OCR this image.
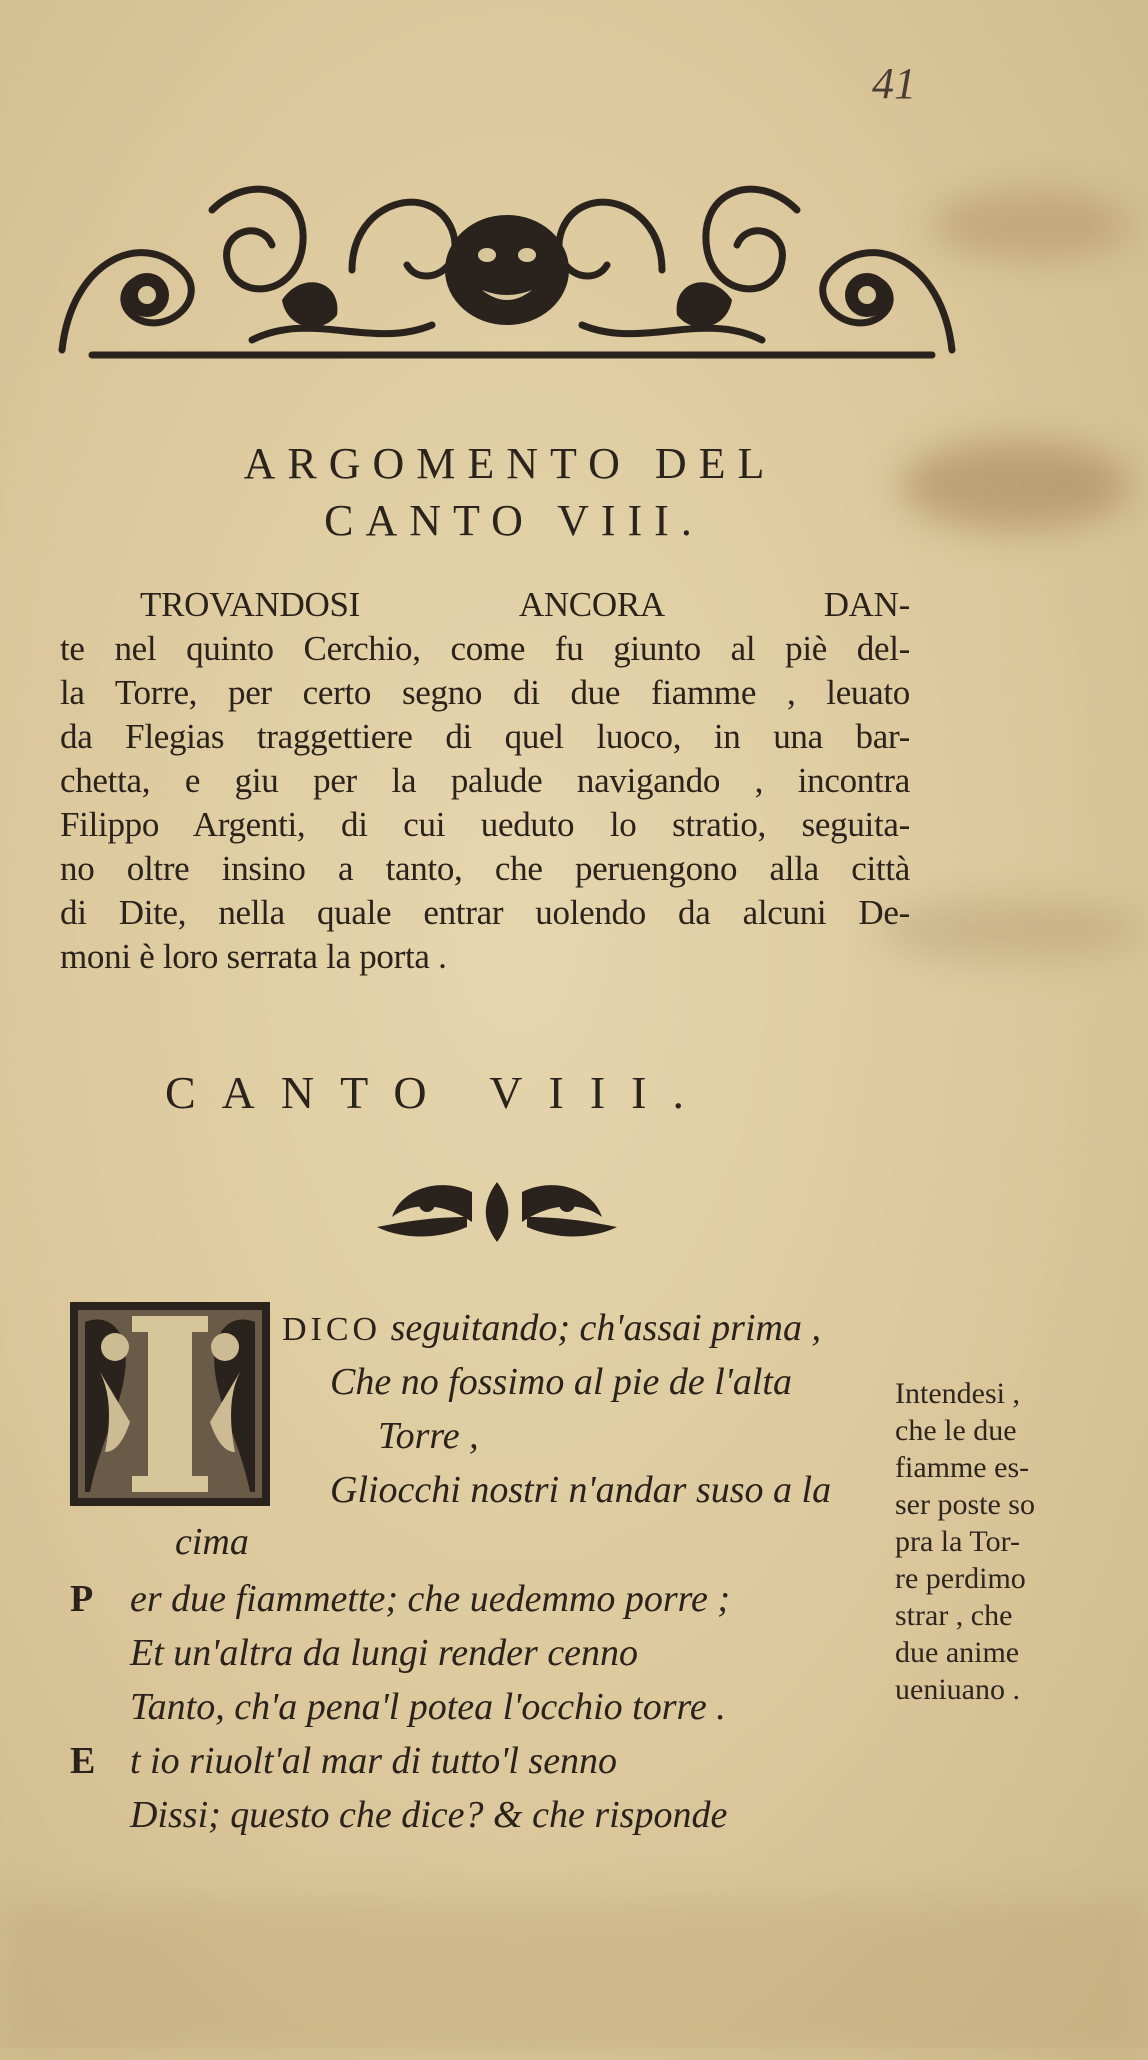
41
ARGOMENTO DEL
CANTO VIII.
TROVANDOSI ANCORA DAN-
te nel quinto Cerchio, come fu giunto al piè del-
la Torre, per certo segno di due fiamme , leuato
da Flegias traggettiere di quel luoco, in una bar-
chetta, e giu per la palude navigando , incontra
Filippo Argenti, di cui ueduto lo stratio, seguita-
no oltre insino a tanto, che peruengono alla città
di Dite, nella quale entrar uolendo da alcuni De-
moni è loro serrata la porta .
CANTO VIII.
DICO seguitando; ch'assai prima ,
Che no fossimo al pie de l'alta
Torre ,
Gliocchi nostri n'andar suso a la
cima
P er due fiammette; che uedemmo porre ;
Et un'altra da lungi render cenno
Tanto, ch'a pena'l potea l'occhio torre .
E t io riuolt'al mar di tutto'l senno
Dissi; questo che dice? & che risponde
Intendesi ,
che le due
fiamme es-
ser poste so
pra la Tor-
re perdimo
strar , che
due anime
ueniuano .
